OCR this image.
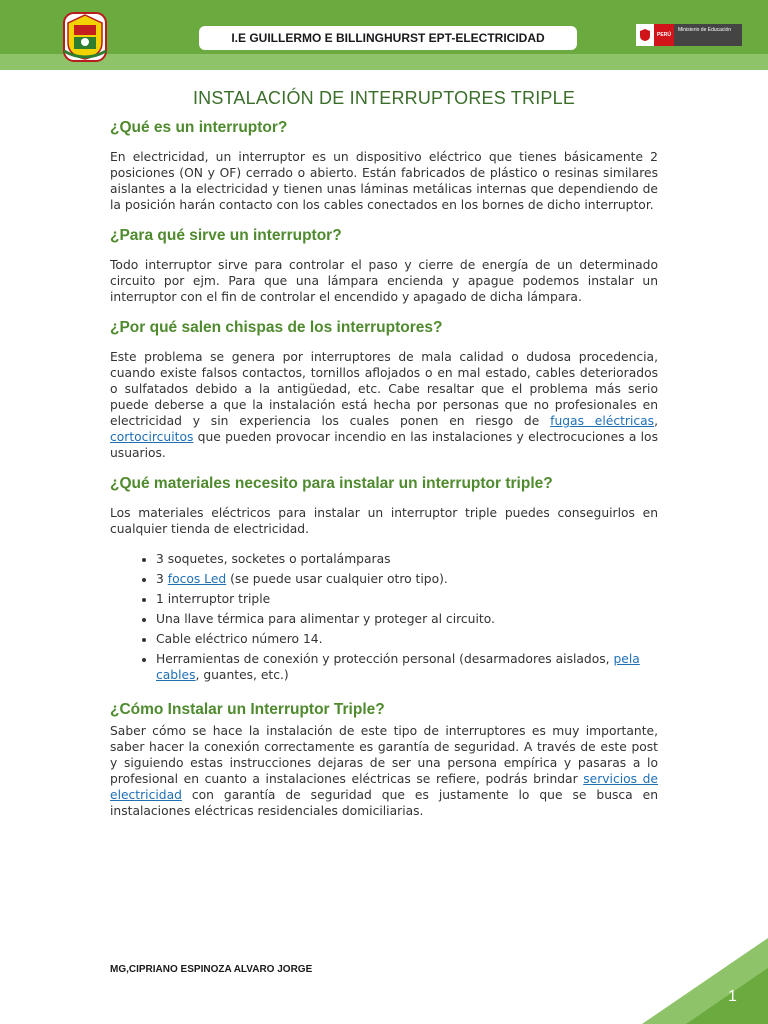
I.E GUILLERMO E BILLINGHURST EPT-ELECTRICIDAD	PERÚ
Ministerio de Educación
INSTALACIÓN DE INTERRUPTORES TRIPLE
¿Qué es un interruptor?

En electricidad, un interruptor es un dispositivo eléctrico que tienes básicamente 2 posiciones (ON y OF) cerrado o abierto. Están fabricados de plástico o resinas similares aislantes a la electricidad y tienen unas láminas metálicas internas que dependiendo de la posición harán contacto con los cables conectados en los bornes de dicho interruptor.

¿Para qué sirve un interruptor?

Todo interruptor sirve para controlar el paso y cierre de energía de un determinado circuito por ejm. Para que una lámpara encienda y apague podemos instalar un interruptor con el fin de controlar el encendido y apagado de dicha lámpara.

¿Por qué salen chispas de los interruptores?

Este problema se genera por interruptores de mala calidad o dudosa procedencia, cuando existe falsos contactos, tornillos aflojados o en mal estado, cables deteriorados o sulfatados debido a la antigüedad, etc. Cabe resaltar que el problema más serio puede deberse a que la instalación está hecha por personas que no profesionales en electricidad y sin experiencia los cuales ponen en riesgo de fugas eléctricas, cortocircuitos que pueden provocar incendio en las instalaciones y electrocuciones a los usuarios.

¿Qué materiales necesito para instalar un interruptor triple?

Los materiales eléctricos para instalar un interruptor triple puedes conseguirlos en cualquier tienda de electricidad.

• 3 soquetes, socketes o portalámparas
• 3 focos Led (se puede usar cualquier otro tipo).
• 1 interruptor triple
• Una llave térmica para alimentar y proteger al circuito.
• Cable eléctrico número 14.
• Herramientas de conexión y protección personal (desarmadores aislados, pela cables, guantes, etc.)
¿Cómo Instalar un Interruptor Triple?

Saber cómo se hace la instalación de este tipo de interruptores es muy importante, saber hacer la conexión correctamente es garantía de seguridad. A través de este post y siguiendo estas instrucciones dejaras de ser una persona empírica y pasaras a lo profesional en cuanto a instalaciones eléctricas se refiere, podrás brindar servicios de electricidad con garantía de seguridad que es justamente lo que se busca en instalaciones eléctricas residenciales domiciliarias.

MG,CIPRIANO ESPINOZA ALVARO JORGE
1
